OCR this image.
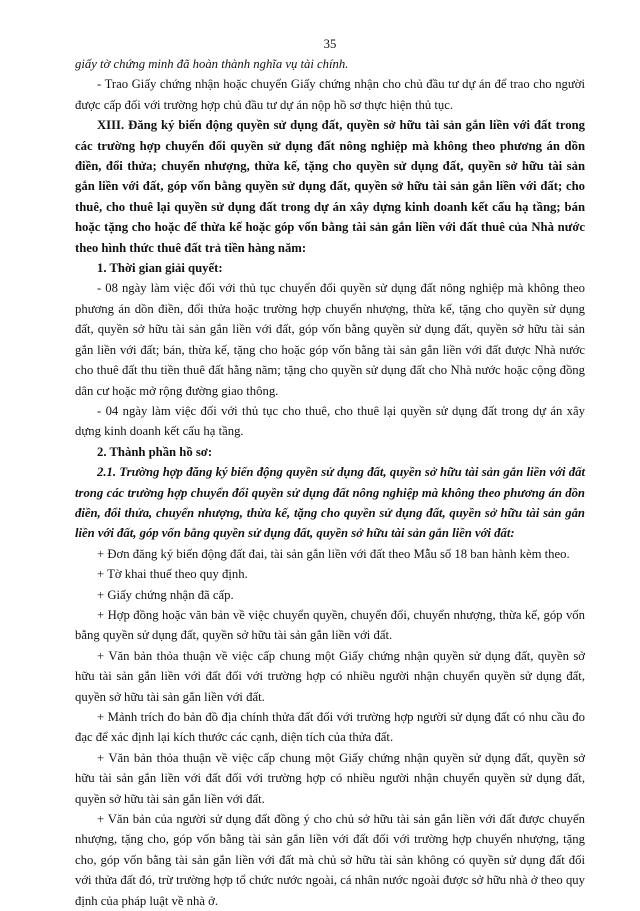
35

giấy tờ chứng minh đã hoàn thành nghĩa vụ tài chính.

- Trao Giấy chứng nhận hoặc chuyển Giấy chứng nhận cho chủ đầu tư dự án để trao cho người được cấp đối với trường hợp chủ đầu tư dự án nộp hồ sơ thực hiện thủ tục.

XIII. Đăng ký biến động quyền sử dụng đất, quyền sở hữu tài sản gắn liền với đất trong các trường hợp chuyển đổi quyền sử dụng đất nông nghiệp mà không theo phương án dồn điền, đổi thửa; chuyển nhượng, thừa kế, tặng cho quyền sử dụng đất, quyền sở hữu tài sản gắn liền với đất, góp vốn bằng quyền sử dụng đất, quyền sở hữu tài sản gắn liền với đất; cho thuê, cho thuê lại quyền sử dụng đất trong dự án xây dựng kinh doanh kết cấu hạ tầng; bán hoặc tặng cho hoặc để thừa kế hoặc góp vốn bằng tài sản gắn liền với đất thuê của Nhà nước theo hình thức thuê đất trả tiền hàng năm:

1. Thời gian giải quyết:

- 08 ngày làm việc đối với thủ tục chuyển đổi quyền sử dụng đất nông nghiệp mà không theo phương án dồn điền, đổi thửa hoặc trường hợp chuyển nhượng, thừa kế, tặng cho quyền sử dụng đất, quyền sở hữu tài sản gắn liền với đất, góp vốn bằng quyền sử dụng đất, quyền sở hữu tài sản gắn liền với đất; bán, thừa kế, tặng cho hoặc góp vốn bằng tài sản gắn liền với đất được Nhà nước cho thuê đất thu tiền thuê đất hằng năm; tặng cho quyền sử dụng đất cho Nhà nước hoặc cộng đồng dân cư hoặc mở rộng đường giao thông.

- 04 ngày làm việc đối với thủ tục cho thuê, cho thuê lại quyền sử dụng đất trong dự án xây dựng kinh doanh kết cấu hạ tầng.

2. Thành phần hồ sơ:

2.1. Trường hợp đăng ký biến động quyền sử dụng đất, quyền sở hữu tài sản gắn liền với đất trong các trường hợp chuyển đổi quyền sử dụng đất nông nghiệp mà không theo phương án dồn điền, đổi thửa, chuyển nhượng, thừa kế, tặng cho quyền sử dụng đất, quyền sở hữu tài sản gắn liền với đất, góp vốn bằng quyền sử dụng đất, quyền sở hữu tài sản gắn liền với đất:

+ Đơn đăng ký biến động đất đai, tài sản gắn liền với đất theo Mẫu số 18 ban hành kèm theo.

+ Tờ khai thuế theo quy định.

+ Giấy chứng nhận đã cấp.

+ Hợp đồng hoặc văn bản về việc chuyển quyền, chuyển đổi, chuyển nhượng, thừa kế, góp vốn bằng quyền sử dụng đất, quyền sở hữu tài sản gắn liền với đất.

+ Văn bản thỏa thuận về việc cấp chung một Giấy chứng nhận quyền sử dụng đất, quyền sở hữu tài sản gắn liền với đất đối với trường hợp có nhiều người nhận chuyển quyền sử dụng đất, quyền sở hữu tài sản gắn liền với đất.

+ Mảnh trích đo bản đồ địa chính thửa đất đối với trường hợp người sử dụng đất có nhu cầu đo đạc để xác định lại kích thước các cạnh, diện tích của thửa đất.

+ Văn bản thỏa thuận về việc cấp chung một Giấy chứng nhận quyền sử dụng đất, quyền sở hữu tài sản gắn liền với đất đối với trường hợp có nhiều người nhận chuyển quyền sử dụng đất, quyền sở hữu tài sản gắn liền với đất.

+ Văn bản của người sử dụng đất đồng ý cho chủ sở hữu tài sản gắn liền với đất được chuyển nhượng, tặng cho, góp vốn bằng tài sản gắn liền với đất đối với trường hợp chuyển nhượng, tặng cho, góp vốn bằng tài sản gắn liền với đất mà chủ sở hữu tài sản không có quyền sử dụng đất đối với thửa đất đó, trừ trường hợp tổ chức nước ngoài, cá nhân nước ngoài được sở hữu nhà ở theo quy định của pháp luật về nhà ở.
